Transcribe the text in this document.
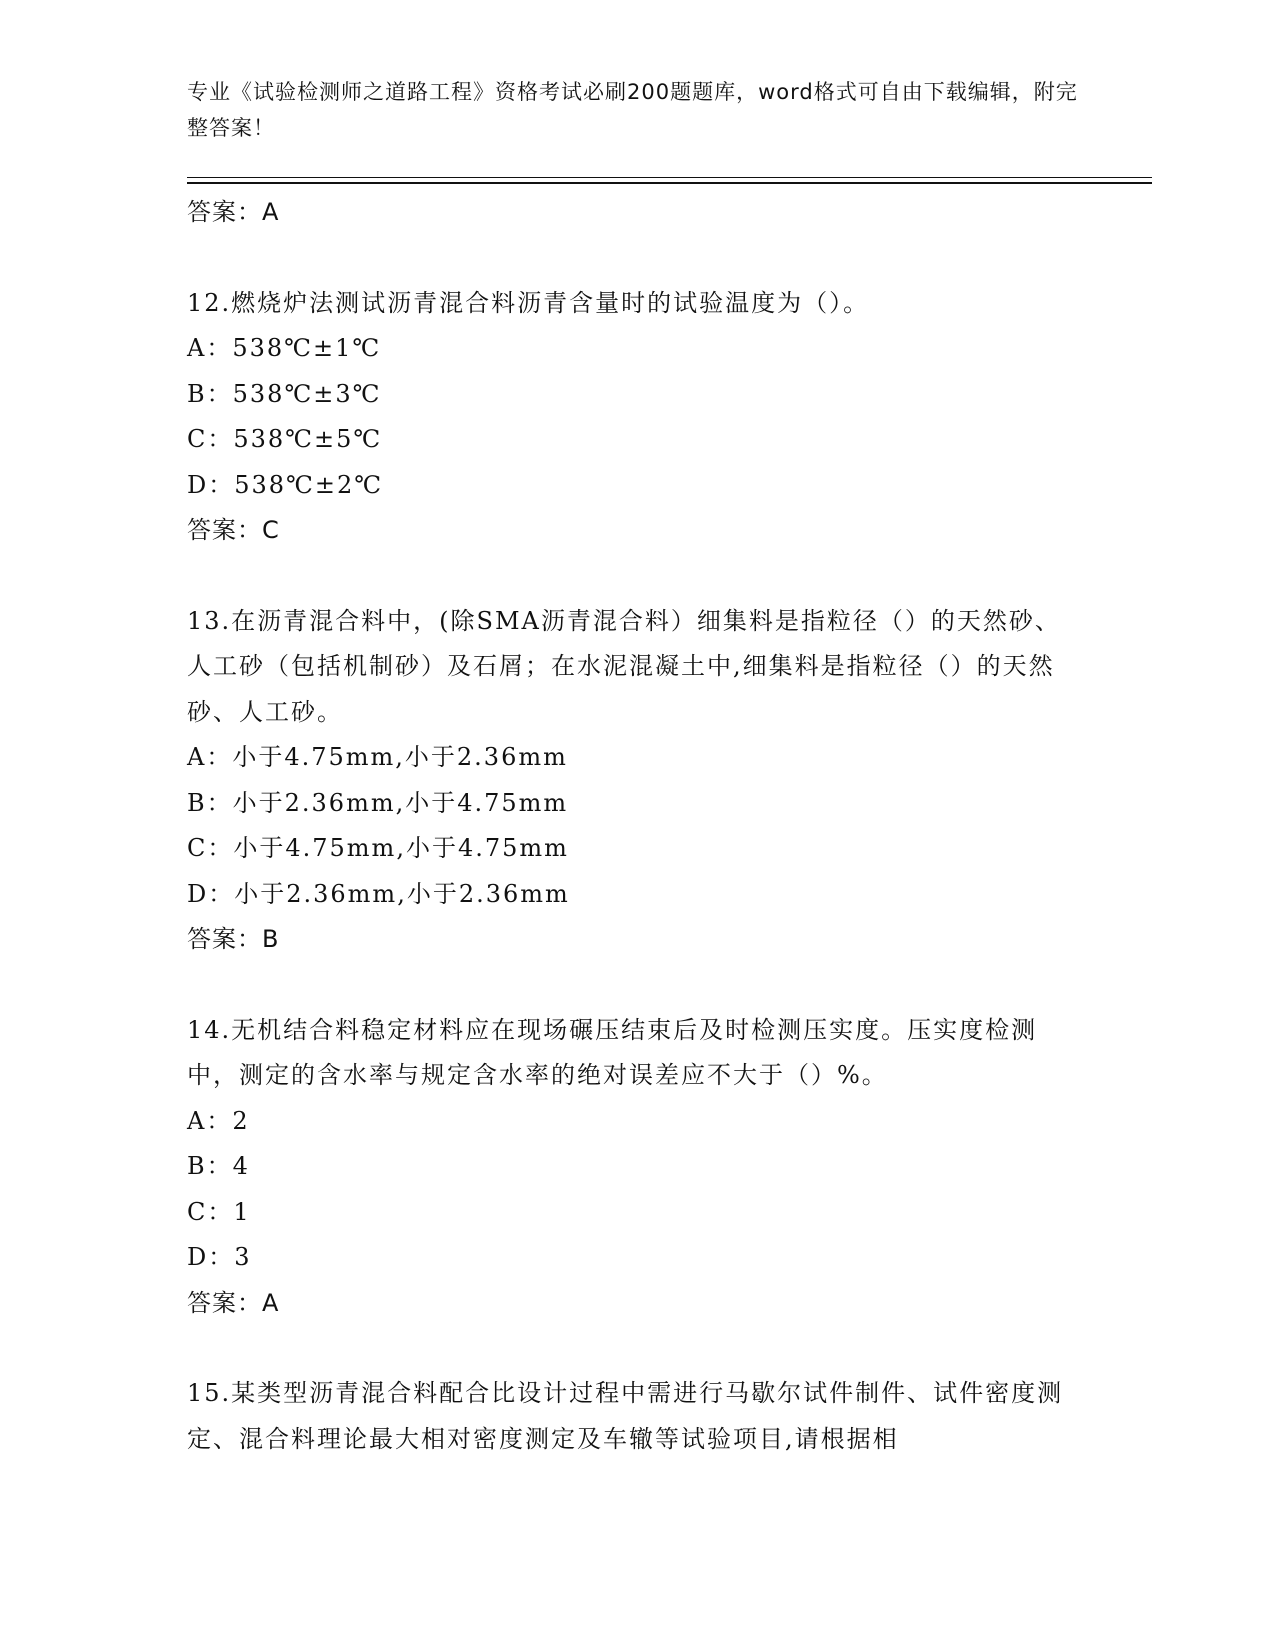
专业《试验检测师之道路工程》资格考试必刷200题题库，word格式可自由下载编辑，附完整答案！
答案：A
12.燃烧炉法测试沥青混合料沥青含量时的试验温度为（）。
A：538℃±1℃
B：538℃±3℃
C：538℃±5℃
D：538℃±2℃
答案：C
13.在沥青混合料中，(除SMA沥青混合料）细集料是指粒径（）的天然砂、人工砂（包括机制砂）及石屑；在水泥混凝土中,细集料是指粒径（）的天然砂、人工砂。
A：小于4.75mm,小于2.36mm
B：小于2.36mm,小于4.75mm
C：小于4.75mm,小于4.75mm
D：小于2.36mm,小于2.36mm
答案：B
14.无机结合料稳定材料应在现场碾压结束后及时检测压实度。压实度检测中，测定的含水率与规定含水率的绝对误差应不大于（）%。
A：2
B：4
C：1
D：3
答案：A
15.某类型沥青混合料配合比设计过程中需进行马歇尔试件制件、试件密度测定、混合料理论最大相对密度测定及车辙等试验项目,请根据相
